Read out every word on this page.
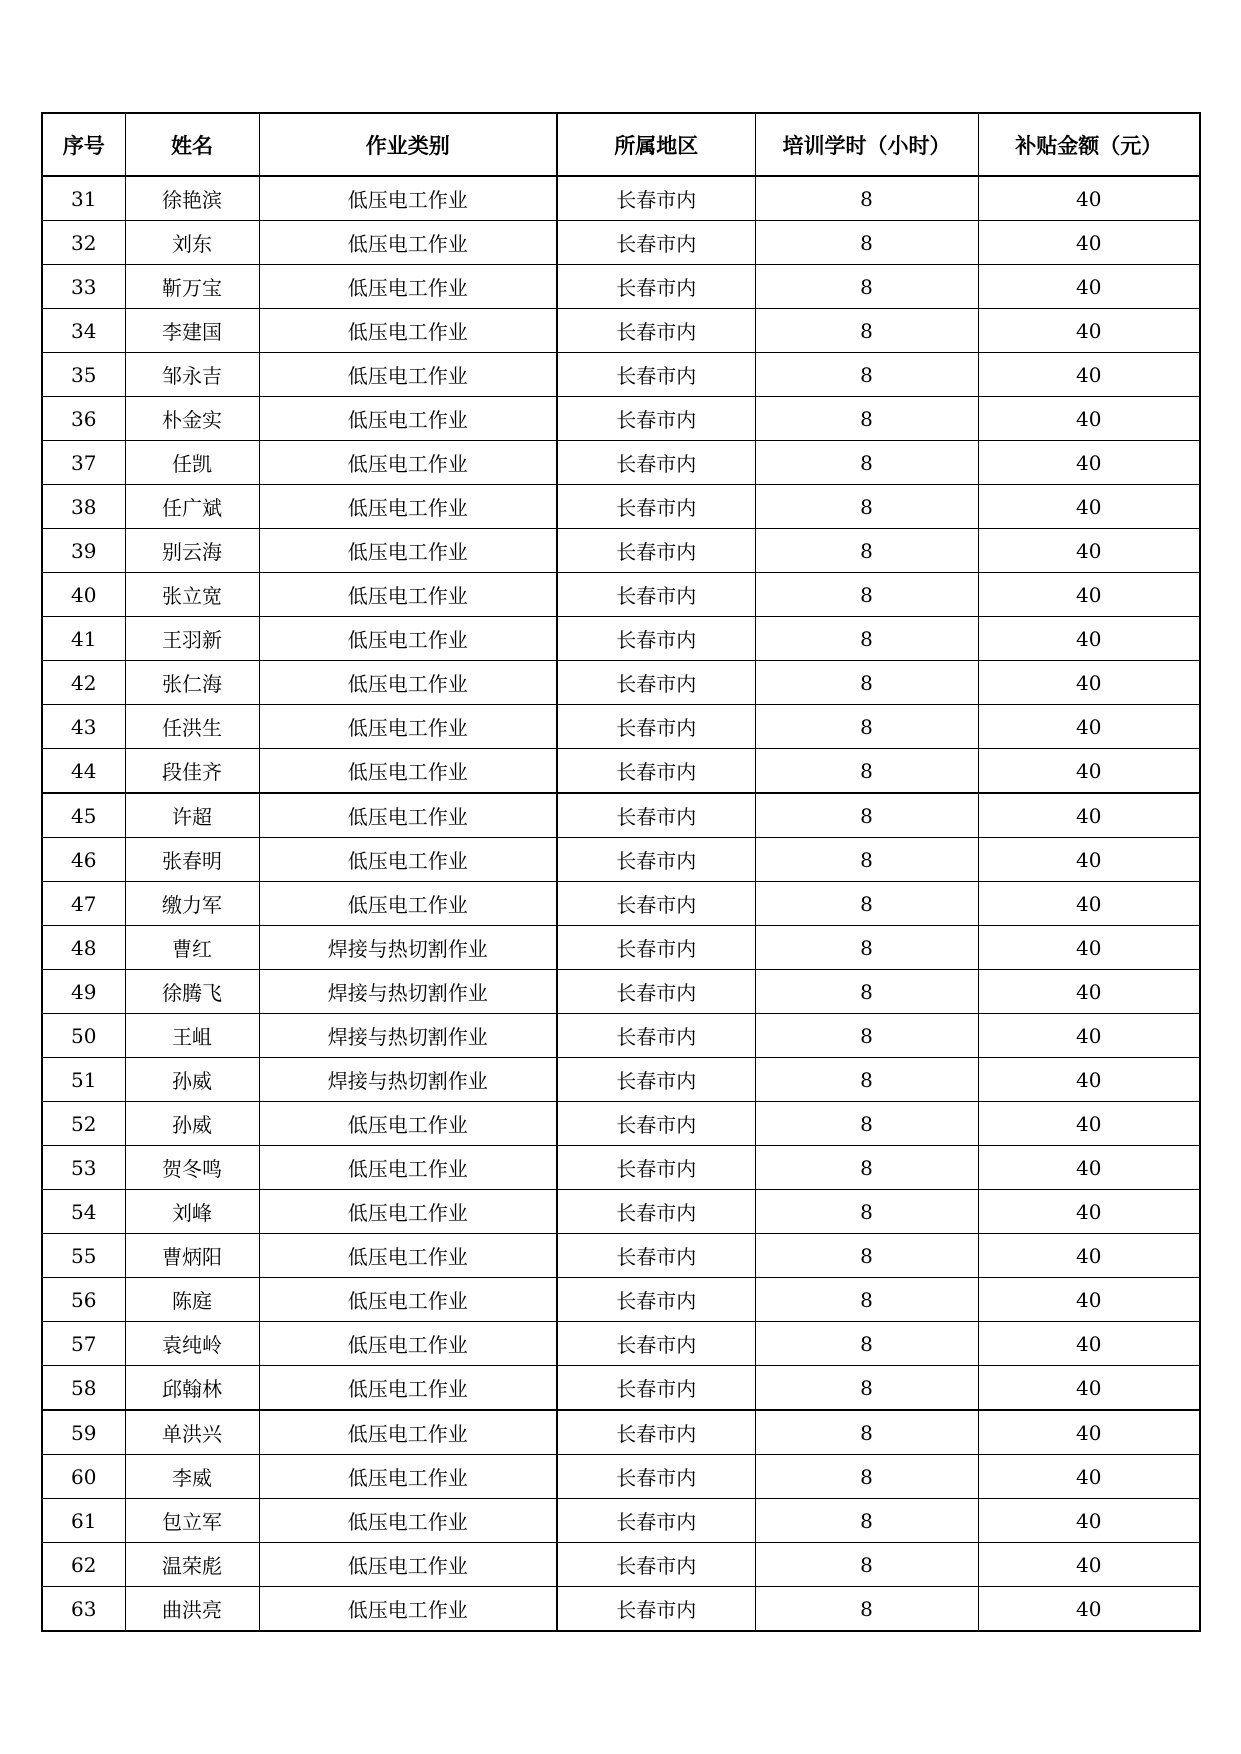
序号	姓名	作业类别	所属地区	培训学时（小时）	补贴金额（元）
31	徐艳滨	低压电工作业	长春市内	8	40
32	刘东	低压电工作业	长春市内	8	40
33	靳万宝	低压电工作业	长春市内	8	40
34	李建国	低压电工作业	长春市内	8	40
35	邹永吉	低压电工作业	长春市内	8	40
36	朴金实	低压电工作业	长春市内	8	40
37	任凯	低压电工作业	长春市内	8	40
38	任广斌	低压电工作业	长春市内	8	40
39	别云海	低压电工作业	长春市内	8	40
40	张立宽	低压电工作业	长春市内	8	40
41	王羽新	低压电工作业	长春市内	8	40
42	张仁海	低压电工作业	长春市内	8	40
43	任洪生	低压电工作业	长春市内	8	40
44	段佳齐	低压电工作业	长春市内	8	40
45	许超	低压电工作业	长春市内	8	40
46	张春明	低压电工作业	长春市内	8	40
47	缴力军	低压电工作业	长春市内	8	40
48	曹红	焊接与热切割作业	长春市内	8	40
49	徐腾飞	焊接与热切割作业	长春市内	8	40
50	王岨	焊接与热切割作业	长春市内	8	40
51	孙威	焊接与热切割作业	长春市内	8	40
52	孙威	低压电工作业	长春市内	8	40
53	贺冬鸣	低压电工作业	长春市内	8	40
54	刘峰	低压电工作业	长春市内	8	40
55	曹炳阳	低压电工作业	长春市内	8	40
56	陈庭	低压电工作业	长春市内	8	40
57	袁纯岭	低压电工作业	长春市内	8	40
58	邱翰林	低压电工作业	长春市内	8	40
59	单洪兴	低压电工作业	长春市内	8	40
60	李威	低压电工作业	长春市内	8	40
61	包立军	低压电工作业	长春市内	8	40
62	温荣彪	低压电工作业	长春市内	8	40
63	曲洪亮	低压电工作业	长春市内	8	40
